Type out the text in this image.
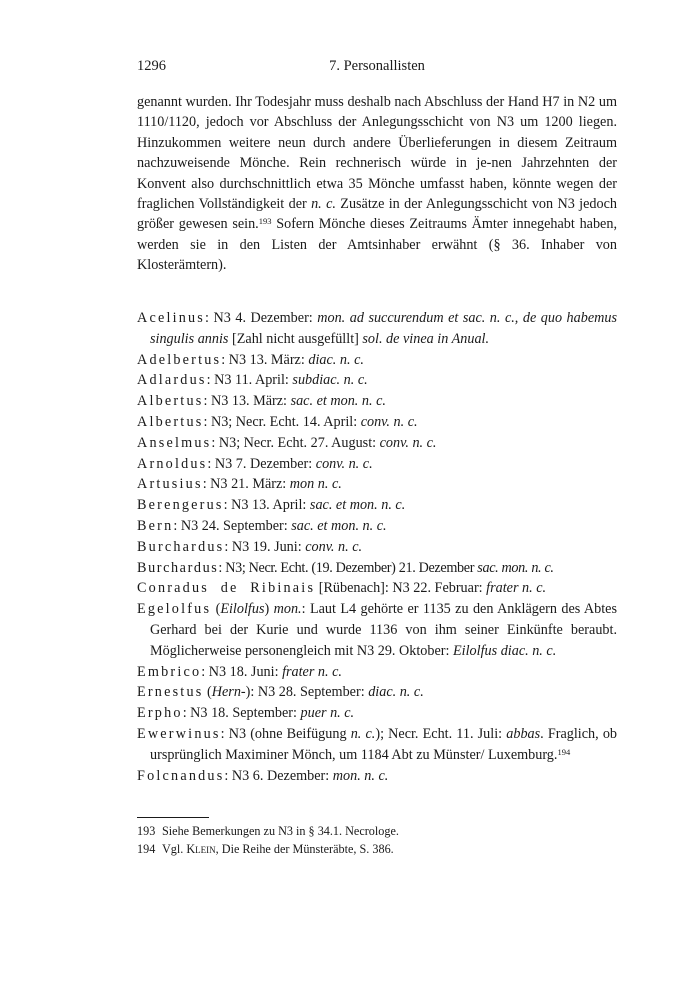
1296	7. Personallisten

genannt wurden. Ihr Todesjahr muss deshalb nach Abschluss der Hand H7 in N2 um 1110/1120, jedoch vor Abschluss der Anlegungsschicht von N3 um 1200 liegen. Hinzukommen weitere neun durch andere Überlieferungen in diesem Zeitraum nachzuweisende Mönche. Rein rechnerisch würde in je-nen Jahrzehnten der Konvent also durchschnittlich etwa 35 Mönche umfasst haben, könnte wegen der fraglichen Vollständigkeit der n. c. Zusätze in der Anlegungsschicht von N3 jedoch größer gewesen sein.$^{193}$ Sofern Mönche dieses Zeitraums Ämter innegehabt haben, werden sie in den Listen der Amtsinhaber erwähnt (§ 36. Inhaber von Klosterämtern).

Acelinus: N3 4. Dezember: mon. ad succurendum et sac. n. c., de quo habemus singulis annis [Zahl nicht ausgefüllt] sol. de vinea in Anual.

Adelbertus: N3 13. März: diac. n. c.

Adlardus: N3 11. April: subdiac. n. c.

Albertus: N3 13. März: sac. et mon. n. c.

Albertus: N3; Necr. Echt. 14. April: conv. n. c.

Anselmus: N3; Necr. Echt. 27. August: conv. n. c.

Arnoldus: N3 7. Dezember: conv. n. c.

Artusius: N3 21. März: mon n. c.

Berengerus: N3 13. April: sac. et mon. n. c.

Bern: N3 24. September: sac. et mon. n. c.

Burchardus: N3 19. Juni: conv. n. c.

Burchardus: N3; Necr. Echt. (19. Dezember) 21. Dezember sac. mon. n. c.

Conradus de Ribinais [Rübenach]: N3 22. Februar: frater n. c.

Egelolfus (Eilolfus) mon.: Laut L4 gehörte er 1135 zu den Anklägern des Abtes Gerhard bei der Kurie und wurde 1136 von ihm seiner Einkünfte beraubt. Möglicherweise personengleich mit N3 29. Oktober: Eilolfus diac. n. c.

Embrico: N3 18. Juni: frater n. c.

Ernestus (Hern-): N3 28. September: diac. n. c.

Erpho: N3 18. September: puer n. c.

Ewerwinus: N3 (ohne Beifügung n. c.); Necr. Echt. 11. Juli: abbas. Fraglich, ob ursprünglich Maximiner Mönch, um 1184 Abt zu Münster/ Luxemburg.$^{194}$

Folcnandus: N3 6. Dezember: mon. n. c.

193 Siehe Bemerkungen zu N3 in § 34.1. Necrologe.

194 Vgl. Klein, Die Reihe der Münsteräbte, S. 386.
